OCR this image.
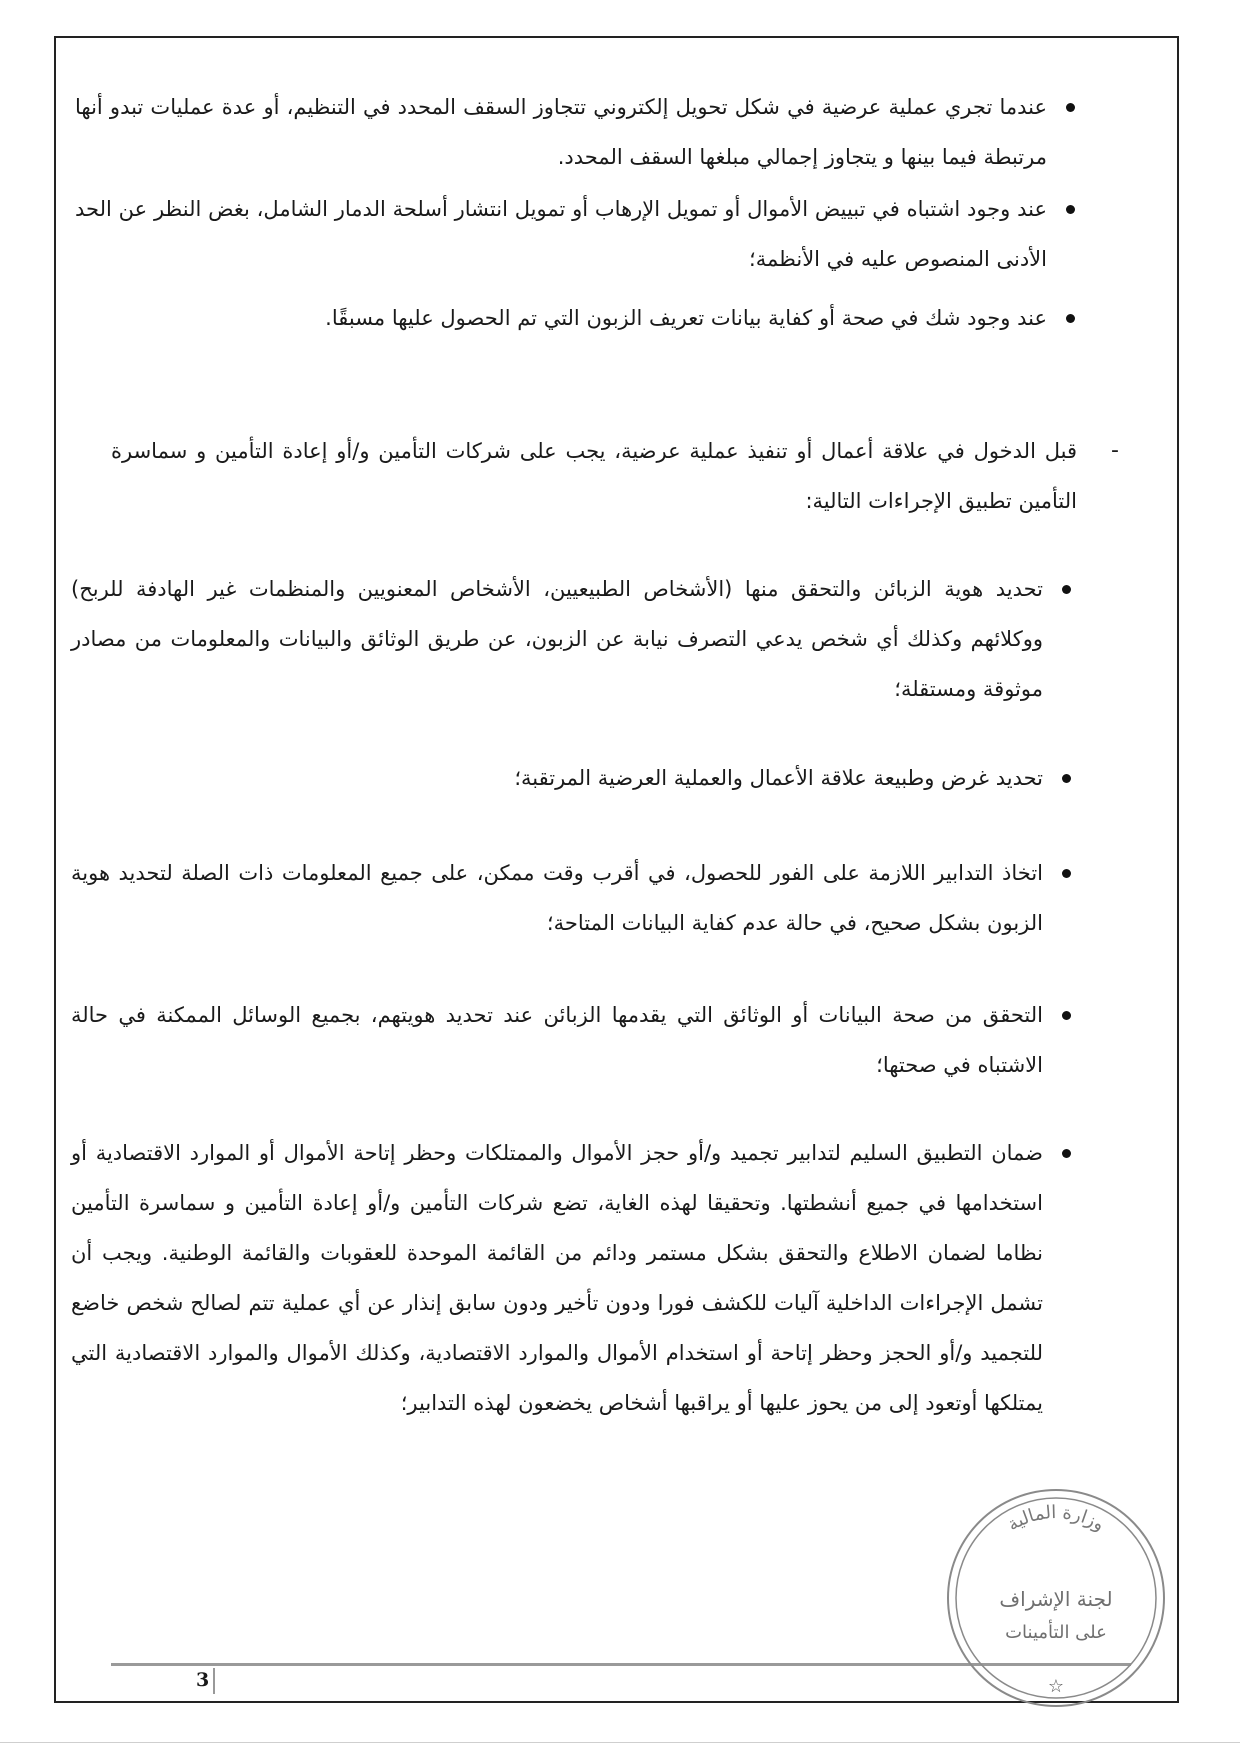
عندما تجري عملية عرضية في شكل تحويل إلكتروني تتجاوز السقف المحدد في التنظيم، أو عدة عمليات تبدو أنها مرتبطة فيما بينها و يتجاوز إجمالي مبلغها السقف المحدد.
عند وجود اشتباه في تبييض الأموال أو تمويل الإرهاب أو تمويل انتشار أسلحة الدمار الشامل، بغض النظر عن الحد الأدنى المنصوص عليه في الأنظمة؛
عند وجود شك في صحة أو كفاية بيانات تعريف الزبون التي تم الحصول عليها مسبقًا.
-
قبل الدخول في علاقة أعمال أو تنفيذ عملية عرضية، يجب على شركات التأمين و/أو إعادة التأمين و سماسرة التأمين تطبيق الإجراءات التالية:
تحديد هوية الزبائن والتحقق منها (الأشخاص الطبيعيين، الأشخاص المعنويين والمنظمات غير الهادفة للربح) ووكلائهم وكذلك أي شخص يدعي التصرف نيابة عن الزبون، عن طريق الوثائق والبيانات والمعلومات من مصادر موثوقة ومستقلة؛
تحديد غرض وطبيعة علاقة الأعمال والعملية العرضية المرتقبة؛
اتخاذ التدابير اللازمة على الفور للحصول، في أقرب وقت ممكن، على جميع المعلومات ذات الصلة لتحديد هوية الزبون بشكل صحيح، في حالة عدم كفاية البيانات المتاحة؛
التحقق من صحة البيانات أو الوثائق التي يقدمها الزبائن عند تحديد هويتهم، بجميع الوسائل الممكنة في حالة الاشتباه في صحتها؛
ضمان التطبيق السليم لتدابير تجميد و/أو حجز الأموال والممتلكات وحظر إتاحة الأموال أو الموارد الاقتصادية أو استخدامها في جميع أنشطتها. وتحقيقا لهذه الغاية، تضع شركات التأمين و/أو إعادة التأمين و سماسرة التأمين نظاما لضمان الاطلاع والتحقق بشكل مستمر ودائم من القائمة الموحدة للعقوبات والقائمة الوطنية. ويجب أن تشمل الإجراءات الداخلية آليات للكشف فورا ودون تأخير ودون سابق إنذار عن أي عملية تتم لصالح شخص خاضع للتجميد و/أو الحجز وحظر إتاحة أو استخدام الأموال والموارد الاقتصادية، وكذلك الأموال والموارد الاقتصادية التي يمتلكها أوتعود إلى من يحوز عليها أو يراقبها أشخاص يخضعون لهذه التدابير؛
3
وزارة المالية
لجنة الإشراف
على التأمينات
☆
